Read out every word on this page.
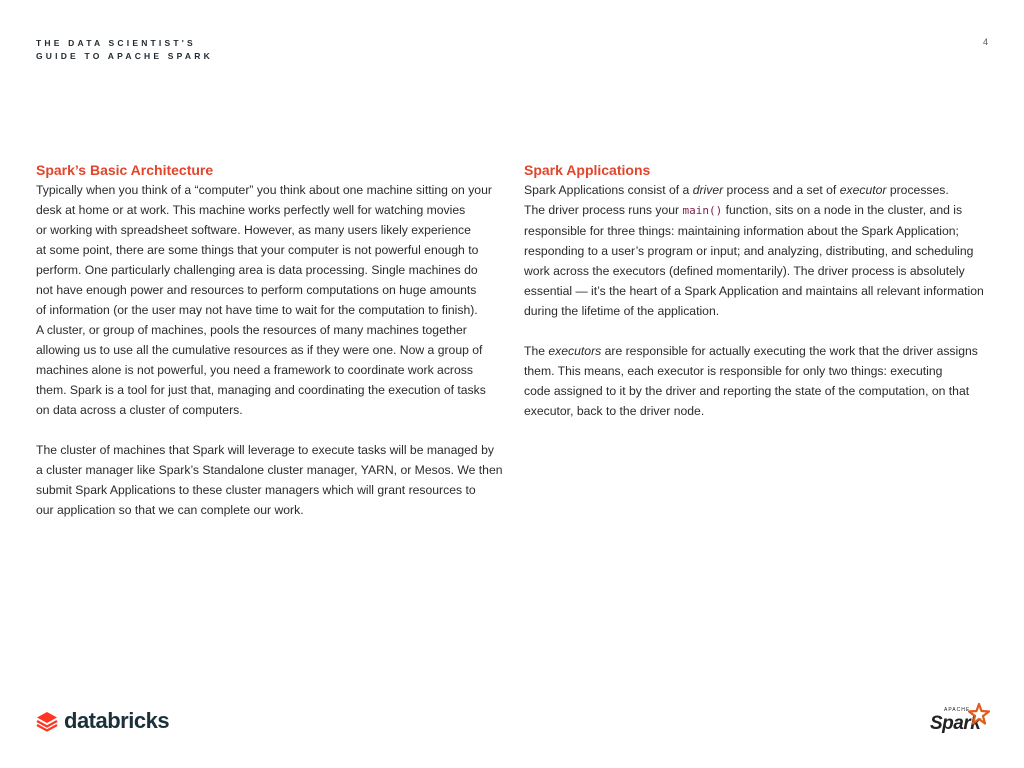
THE DATA SCIENTIST'S
GUIDE TO APACHE SPARK
4
Spark’s Basic Architecture
Typically when you think of a “computer” you think about one machine sitting on your
desk at home or at work. This machine works perfectly well for watching movies
or working with spreadsheet software. However, as many users likely experience
at some point, there are some things that your computer is not powerful enough to
perform. One particularly challenging area is data processing. Single machines do
not have enough power and resources to perform computations on huge amounts
of information (or the user may not have time to wait for the computation to finish).
A cluster, or group of machines, pools the resources of many machines together
allowing us to use all the cumulative resources as if they were one. Now a group of
machines alone is not powerful, you need a framework to coordinate work across
them. Spark is a tool for just that, managing and coordinating the execution of tasks
on data across a cluster of computers.
The cluster of machines that Spark will leverage to execute tasks will be managed by
a cluster manager like Spark’s Standalone cluster manager, YARN, or Mesos. We then
submit Spark Applications to these cluster managers which will grant resources to
our application so that we can complete our work.
Spark Applications
Spark Applications consist of a driver process and a set of executor processes.
The driver process runs your main() function, sits on a node in the cluster, and is
responsible for three things: maintaining information about the Spark Application;
responding to a user’s program or input; and analyzing, distributing, and scheduling
work across the executors (defined momentarily). The driver process is absolutely
essential — it’s the heart of a Spark Application and maintains all relevant information
during the lifetime of the application.
The executors are responsible for actually executing the work that the driver assigns
them. This means, each executor is responsible for only two things: executing
code assigned to it by the driver and reporting the state of the computation, on that
executor, back to the driver node.
databricks	APACHE
Spark
